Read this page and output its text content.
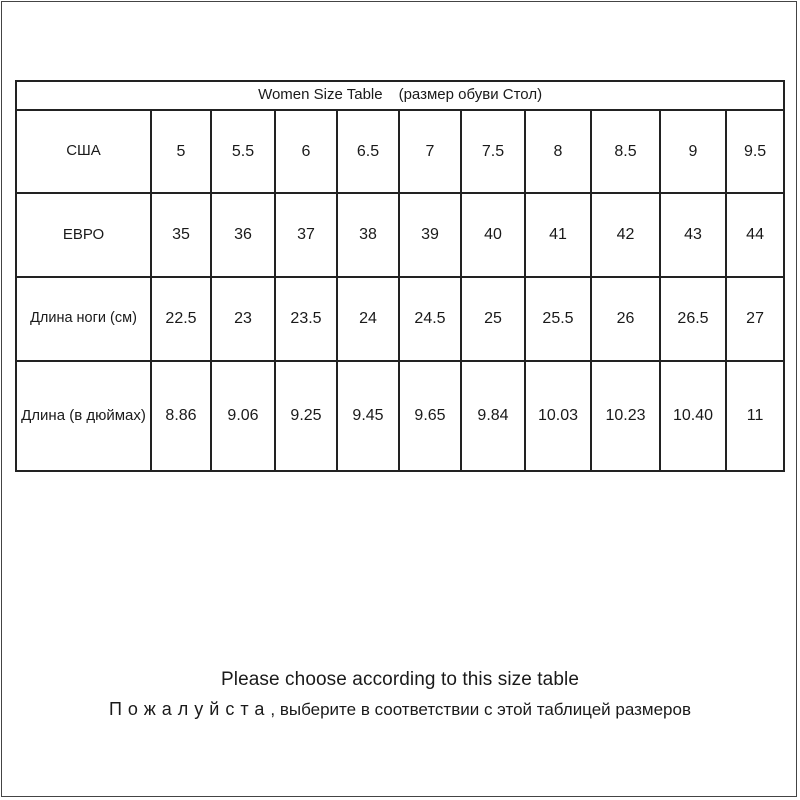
Women Size Table (размер обуви Стол)										
США	5	5.5	6	6.5	7	7.5	8	8.5	9	9.5
ЕВРО	35	36	37	38	39	40	41	42	43	44
Длина ноги (см)	22.5	23	23.5	24	24.5	25	25.5	26	26.5	27
Длина (в дюймах)	8.86	9.06	9.25	9.45	9.65	9.84	10.03	10.23	10.40	11
Please choose according to this size table
Пожалуйста, выберите в соответствии с этой таблицей размеров
